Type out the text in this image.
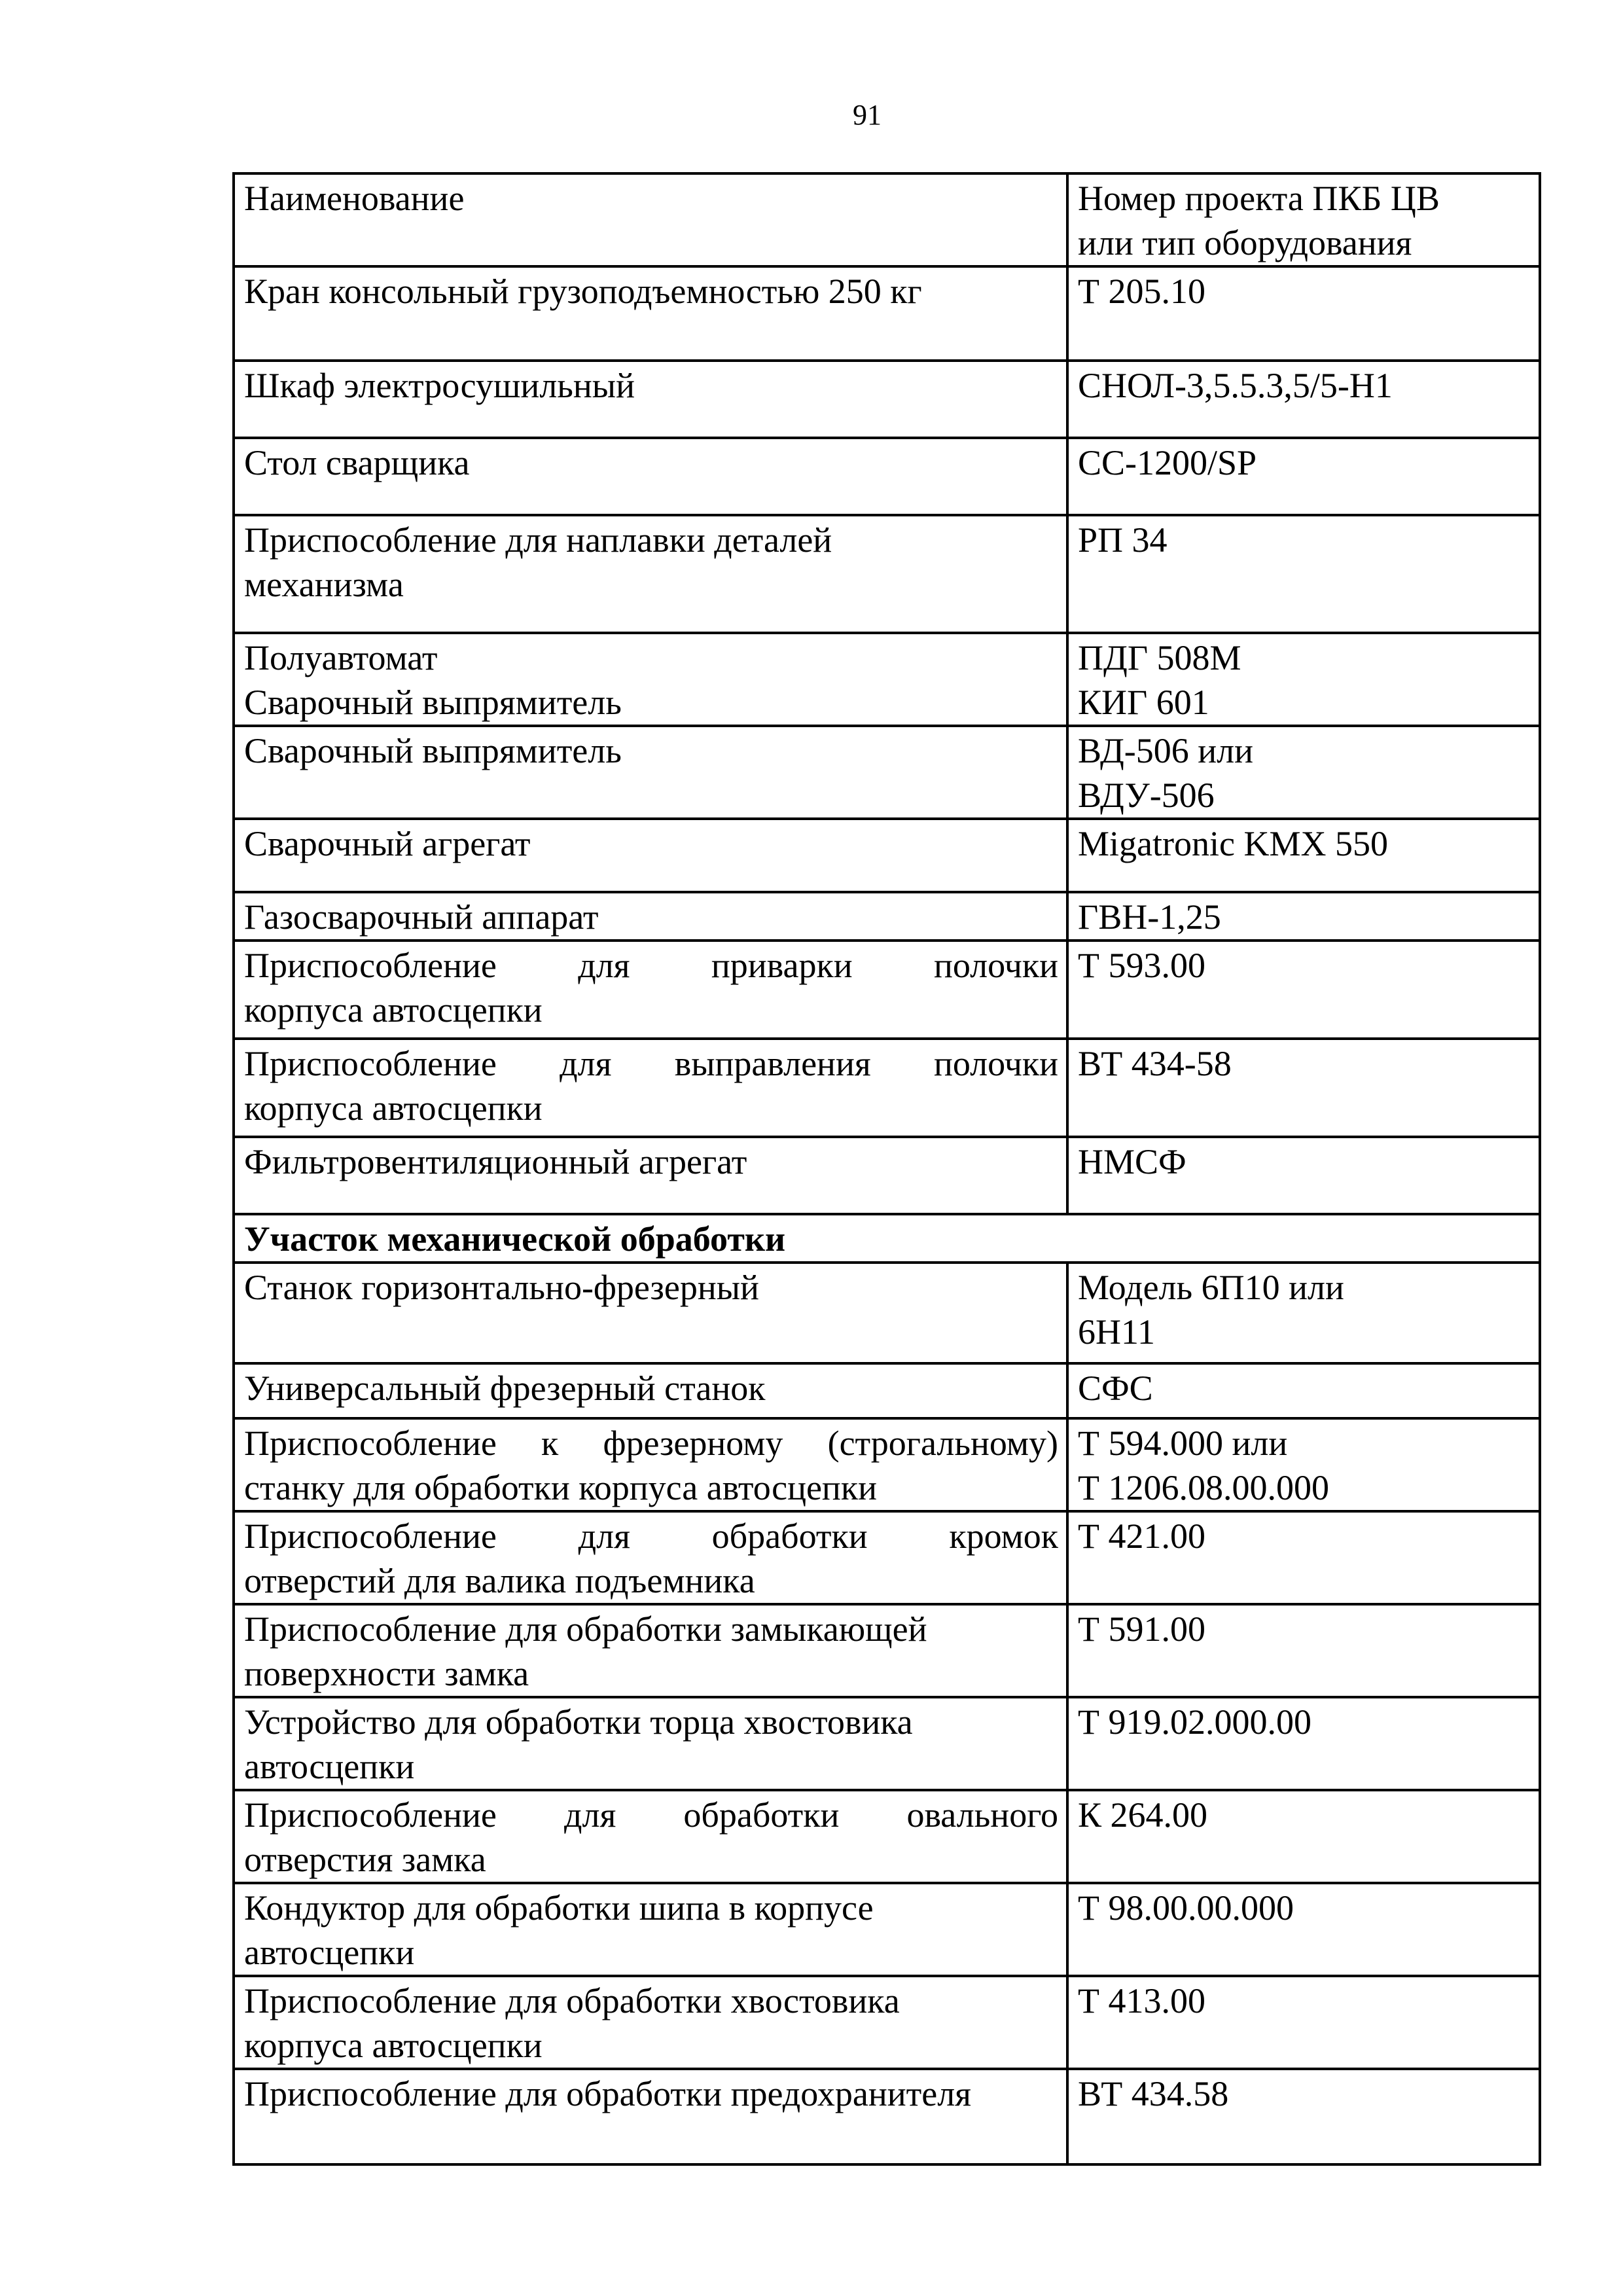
91
Наименование	Номер проекта ПКБ ЦВ
или тип оборудования

Кран консольный грузоподъемностью 250 кг	Т 205.10

Шкаф электросушильный	СНОЛ-3,5.5.3,5/5-Н1

Стол сварщика	СС-1200/SP

Приспособление для наплавки деталей
механизма	РП 34

Полуавтомат
Сварочный выпрямитель	ПДГ 508М
КИГ 601

Сварочный выпрямитель	ВД-506 или
ВДУ-506

Сварочный агрегат	Migatronic KMX 550

Газосварочный аппарат	ГВН-1,25

Приспособление для приварки полочки
корпуса автосцепки	Т 593.00

Приспособление для выправления полочки
корпуса автосцепки	ВТ 434-58

Фильтровентиляционный агрегат	НМСФ

Участок механической обработки	

Станок горизонтально-фрезерный	Модель 6П10 или
6Н11

Универсальный фрезерный станок	СФС

Приспособление к фрезерному (строгальному)
станку для обработки корпуса автосцепки	Т 594.000 или
Т 1206.08.00.000

Приспособление для обработки кромок
отверстий для валика подъемника	Т 421.00

Приспособление для обработки замыкающей
поверхности замка	Т 591.00

Устройство для обработки торца хвостовика
автосцепки	Т 919.02.000.00

Приспособление для обработки овального
отверстия замка	К 264.00

Кондуктор для обработки шипа в корпусе
автосцепки	Т 98.00.00.000

Приспособление для обработки хвостовика
корпуса автосцепки	Т 413.00

Приспособление для обработки предохранителя	ВТ 434.58
